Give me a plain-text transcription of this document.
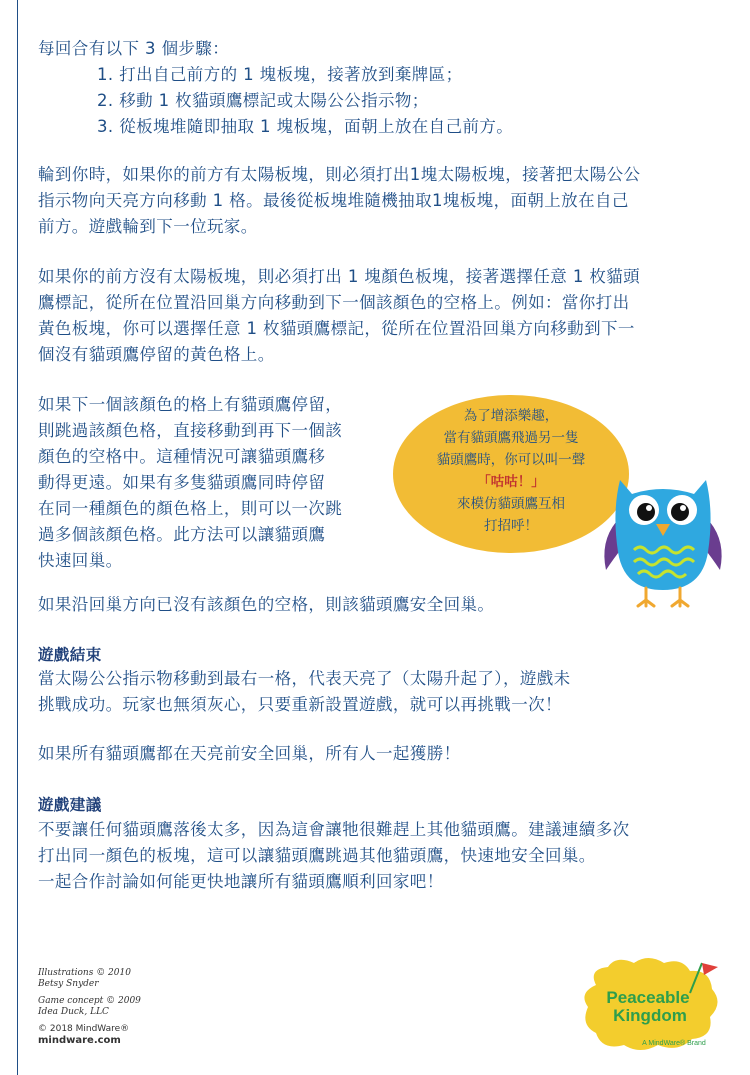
每回合有以下 3 個步驟：

1. 打出自己前方的 1 塊板塊，接著放到棄牌區；

2. 移動 1 枚貓頭鷹標記或太陽公公指示物；

3. 從板塊堆隨即抽取 1 塊板塊，面朝上放在自己前方。

輪到你時，如果你的前方有太陽板塊，則必須打出1塊太陽板塊，接著把太陽公公

指示物向天亮方向移動 1 格。最後從板塊堆隨機抽取1塊板塊，面朝上放在自己

前方。遊戲輪到下一位玩家。

如果你的前方沒有太陽板塊，則必須打出 1 塊顏色板塊，接著選擇任意 1 枚貓頭

鷹標記，從所在位置沿回巢方向移動到下一個該顏色的空格上。例如：當你打出

黃色板塊，你可以選擇任意 1 枚貓頭鷹標記，從所在位置沿回巢方向移動到下一

個沒有貓頭鷹停留的黃色格上。

如果下一個該顏色的格上有貓頭鷹停留，

則跳過該顏色格，直接移動到再下一個該

顏色的空格中。這種情況可讓貓頭鷹移

動得更遠。如果有多隻貓頭鷹同時停留

在同一種顏色的顏色格上，則可以一次跳

過多個該顏色格。此方法可以讓貓頭鷹

快速回巢。

為了增添樂趣，
當有貓頭鷹飛過另一隻
貓頭鷹時，你可以叫一聲
「咕咕！」
來模仿貓頭鷹互相
打招呼！

如果沿回巢方向已沒有該顏色的空格，則該貓頭鷹安全回巢。

遊戲結束

當太陽公公指示物移動到最右一格，代表天亮了（太陽升起了），遊戲未

挑戰成功。玩家也無須灰心，只要重新設置遊戲，就可以再挑戰一次！

如果所有貓頭鷹都在天亮前安全回巢，所有人一起獲勝！

遊戲建議

不要讓任何貓頭鷹落後太多，因為這會讓牠很難趕上其他貓頭鷹。建議連續多次

打出同一顏色的板塊，這可以讓貓頭鷹跳過其他貓頭鷹，快速地安全回巢。

一起合作討論如何能更快地讓所有貓頭鷹順利回家吧！

Illustrations © 2010
Betsy Snyder
Game concept © 2009
Idea Duck, LLC
© 2018 MindWare®
mindware.com
Peaceable
Kingdom
A MindWare® Brand
